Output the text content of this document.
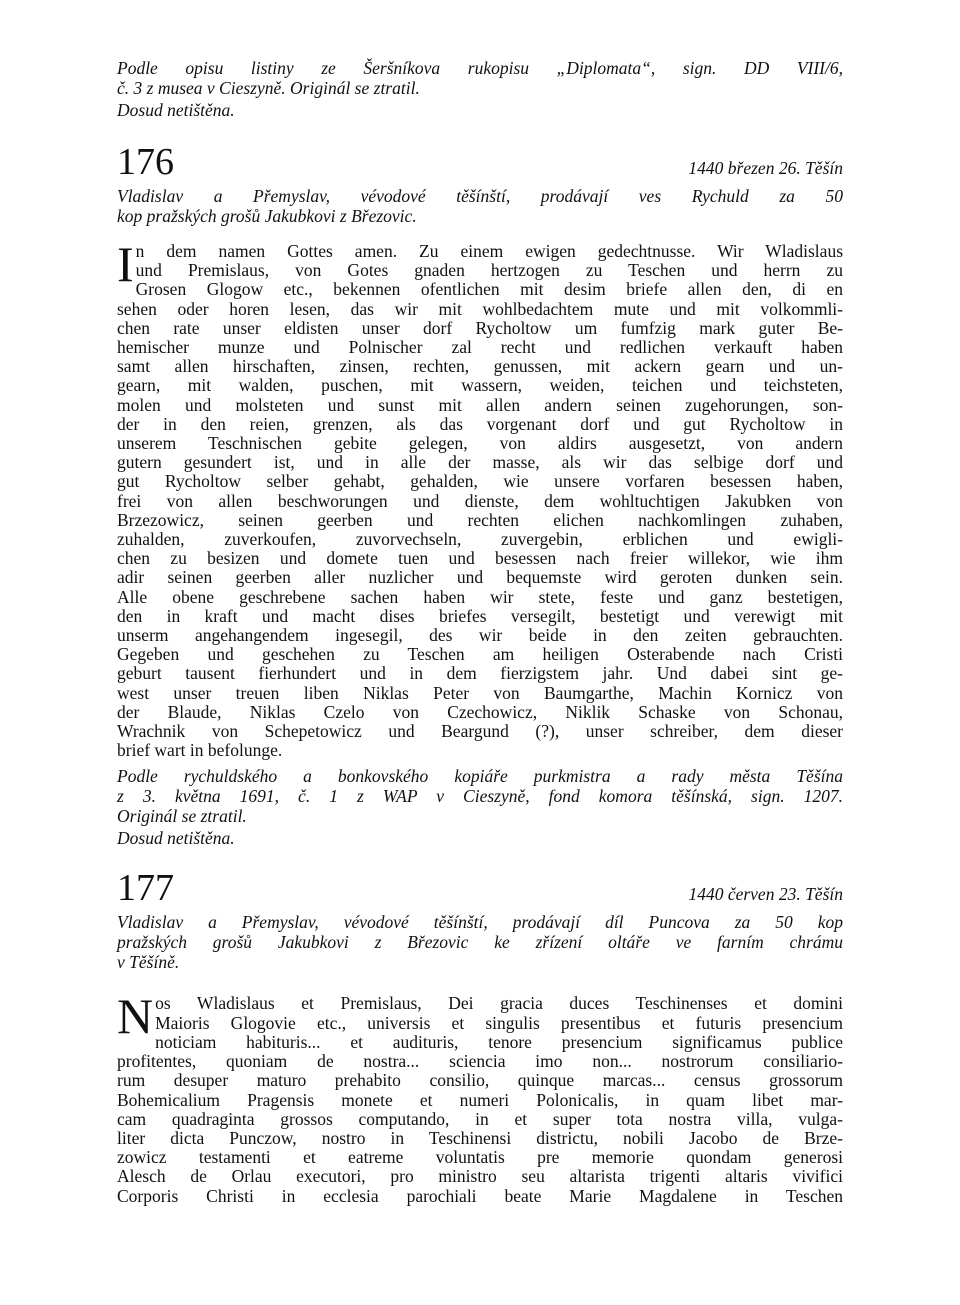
Podle opisu listiny ze Šeršníkova rukopisu „Diplomata“, sign. DD VIII/6,
č. 3 z musea v Cieszyně. Originál se ztratil.

Dosud netištěna.

176	1440 březen 26. Těšín
Vladislav a Přemyslav, vévodové těšínští, prodávají ves Rychuld za 50
kop pražských grošů Jakubkovi z Březovic.
I n dem namen Gottes amen. Zu einem ewigen gedechtnusse. Wir Wladislaus
und Premislaus, von Gotes gnaden hertzogen zu Teschen und herrn zu
Grosen Glogow etc., bekennen ofentlichen mit desim briefe allen den, di en
sehen oder horen lesen, das wir mit wohlbedachtem mute und mit volkommli-
chen rate unser eldisten unser dorf Rycholtow um fumfzig mark guter Be-
hemischer munze und Polnischer zal recht und redlichen verkauft haben
samt allen hirschaften, zinsen, rechten, genussen, mit ackern gearn und un-
gearn, mit walden, puschen, mit wassern, weiden, teichen und teichsteten,
molen und molsteten und sunst mit allen andern seinen zugehorungen, son-
der in den reien, grenzen, als das vorgenant dorf und gut Rycholtow in
unserem Teschnischen gebite gelegen, von aldirs ausgesetzt, von andern
gutern gesundert ist, und in alle der masse, als wir das selbige dorf und
gut Rycholtow selber gehabt, gehalden, wie unsere vorfaren besessen haben,
frei von allen beschworungen und dienste, dem wohltuchtigen Jakubken von
Brzezowicz, seinen geerben und rechten elichen nachkomlingen zuhaben,
zuhalden, zuverkoufen, zuvorvechseln, zuvergebin, erblichen und ewigli-
chen zu besizen und domete tuen und besessen nach freier willekor, wie ihm
adir seinen geerben aller nuzlicher und bequemste wird geroten dunken sein.
Alle obene geschrebene sachen haben wir stete, feste und ganz bestetigen,
den in kraft und macht dises briefes versegilt, bestetigt und verewigt mit
unserm angehangendem ingesegil, des wir beide in den zeiten gebrauchten.
Gegeben und geschehen zu Teschen am heiligen Osterabende nach Cristi
geburt tausent fierhundert und in dem fierzigstem jahr. Und dabei sint ge-
west unser treuen liben Niklas Peter von Baumgarthe, Machin Kornicz von
der Blaude, Niklas Czelo von Czechowicz, Niklik Schaske von Schonau,
Wrachnik von Schepetowicz und Beargund (?), unser schreiber, dem dieser
brief wart in befolunge.
Podle rychuldského a bonkovského kopiáře purkmistra a rady města Těšína
z 3. května 1691, č. 1 z WAP v Cieszyně, fond komora těšínská, sign. 1207.
Originál se ztratil.

Dosud netištěna.

177	1440 červen 23. Těšín
Vladislav a Přemyslav, vévodové těšínští, prodávají díl Puncova za 50 kop
pražských grošů Jakubkovi z Březovic ke zřízení oltáře ve farním chrámu
v Těšíně.
N os Wladislaus et Premislaus, Dei gracia duces Teschinenses et domini
Maioris Glogovie etc., universis et singulis presentibus et futuris presencium
noticiam habituris... et audituris, tenore presencium significamus publice
profitentes, quoniam de nostra... sciencia imo non... nostrorum consiliario-
rum desuper maturo prehabito consilio, quinque marcas... census grossorum
Bohemicalium Pragensis monete et numeri Polonicalis, in quam libet mar-
cam quadraginta grossos computando, in et super tota nostra villa, vulga-
liter dicta Punczow, nostro in Teschinensi districtu, nobili Jacobo de Brze-
zowicz testamenti et eatreme voluntatis pre memorie quondam generosi
Alesch de Orlau executori, pro ministro seu altarista trigenti altaris vivifici
Corporis Christi in ecclesia parochiali beate Marie Magdalene in Teschen
